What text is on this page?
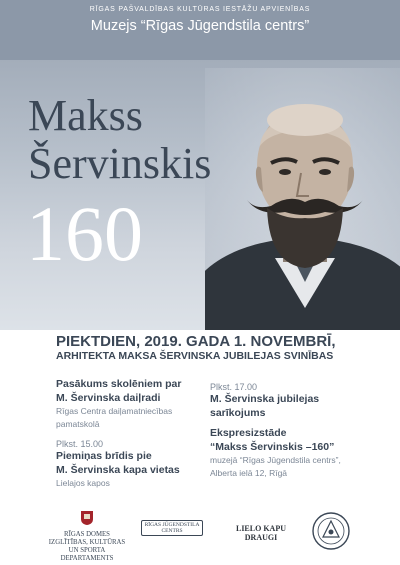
RĪGAS PAŠVALDĪBAS KULTŪRAS IESTĀŽU APVIENĪBAS
Muzejs “Rīgas Jūgendstila centrs”
Makss
Šervinskis
160
PIEKTDIEN, 2019. GADA 1. NOVEMBRĪ,
ARHITEKTA MAKSA ŠERVINSKA JUBILEJAS SVINĪBAS
Pasākums skolēniem par
M. Šervinska daiļradi
Rīgas Centra daiļamatniecības
pamatskolā
Plkst. 15.00
Piemiņas brīdis pie
M. Šervinska kapa vietas
Lielajos kapos
Plkst. 17.00
M. Šervinska jubilejas
sarīkojums
Ekspresizstāde
“Makss Šervinskis –160”
muzejā “Rīgas Jūgendstila centrs”,
Alberta ielā 12, Rīgā
RĪGAS DOMES
IZGLĪTĪBAS, KULTŪRAS
UN SPORTA DEPARTAMENTS
RĪGAS JŪGENDSTILA CENTRS	LIELO KAPU
DRAUGI
